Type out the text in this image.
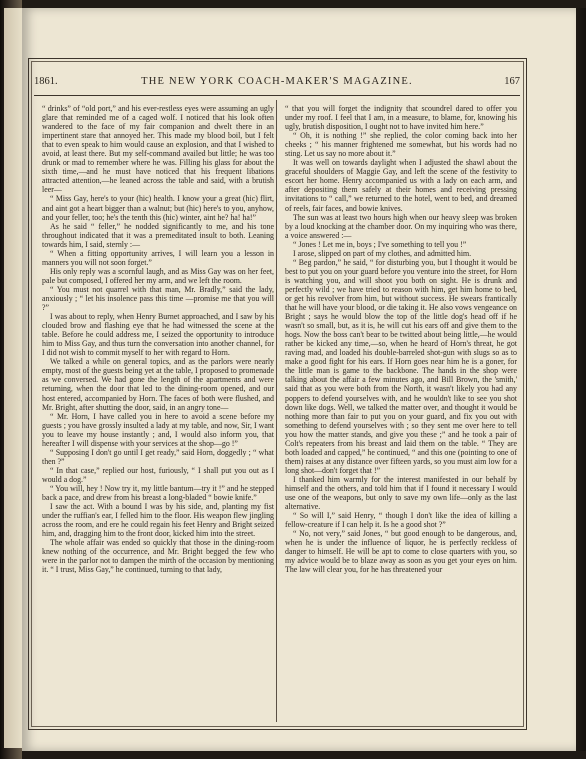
1861.	THE NEW YORK COACH-MAKER'S MAGAZINE.	167

“ drinks” of “old port,” and his ever-restless eyes were assuming an ugly glare that reminded me of a caged wolf. I noticed that his look often wandered to the face of my fair companion and dwelt there in an impertinent stare that annoyed her. This made my blood boil, but I felt that to even speak to him would cause an explosion, and that I wished to avoid, at least there. But my self-command availed but little; he was too drunk or mad to remember where he was. Filling his glass for about the sixth time,—and he must have noticed that his frequent libations attracted attention,—he leaned across the table and said, with a brutish leer—

“ Miss Gay, here's to your (hic) health. I know your a great (hic) flirt, and aint got a heart bigger than a walnut; but (hic) here's to you, anyhow, and your feller, too; he's the tenth this (hic) winter, aint he? ha! ha!”

As he said “ feller,” he nodded significantly to me, and his tone throughout indicated that it was a premeditated insult to both. Leaning towards him, I said, sternly :—

“ When a fitting opportunity arrives, I will learn you a lesson in manners you will not soon forget.”

His only reply was a scornful laugh, and as Miss Gay was on her feet, pale but composed, I offered her my arm, and we left the room.

“ You must not quarrel with that man, Mr. Bradly,” said the lady, anxiously ; “ let his insolence pass this time —promise me that you will ?”

I was about to reply, when Henry Burnet approached, and I saw by his clouded brow and flashing eye that he had witnessed the scene at the table. Before he could address me, I seized the opportunity to introduce him to Miss Gay, and thus turn the conversation into another channel, for I did not wish to commit myself to her with regard to Horn.

We talked a while on general topics, and as the parlors were nearly empty, most of the guests being yet at the table, I proposed to promenade as we conversed. We had gone the length of the apartments and were returning, when the door that led to the dining-room opened, and our host entered, accompanied by Horn. The faces of both were flushed, and Mr. Bright, after shutting the door, said, in an angry tone—

“ Mr. Horn, I have called you in here to avoid a scene before my guests ; you have grossly insulted a lady at my table, and now, Sir, I want you to leave my house instantly ; and, I would also inform you, that hereafter I will dispense with your services at the shop—go !”

“ Supposing I don't go until I get ready,” said Horn, doggedly ; “ what then ?”

“ In that case,” replied our host, furiously, “ I shall put you out as I would a dog.”

“ You will, hey ! Now try it, my little bantum—try it !” and he stepped back a pace, and drew from his breast a long-bladed “ bowie knife.”

I saw the act. With a bound I was by his side, and, planting my fist under the ruffian's ear, I felled him to the floor. His weapon flew jingling across the room, and ere he could regain his feet Henry and Bright seized him, and, dragging him to the front door, kicked him into the street.

The whole affair was ended so quickly that those in the dining-room knew nothing of the occurrence, and Mr. Bright begged the few who were in the parlor not to dampen the mirth of the occasion by mentioning it. “ I trust, Miss Gay,” he continued, turning to that lady,

“ that you will forget the indignity that scoundrel dared to offer you under my roof. I feel that I am, in a measure, to blame, for, knowing his ugly, brutish disposition, I ought not to have invited him here.”

“ Oh, it is nothing !” she replied, the color coming back into her cheeks ; “ his manner frightened me somewhat, but his words had no sting. Let us say no more about it.”

It was well on towards daylight when I adjusted the shawl about the graceful shoulders of Maggie Gay, and left the scene of the festivity to escort her home. Henry accompanied us with a lady on each arm, and after depositing them safely at their homes and receiving pressing invitations to “ call,” we returned to the hotel, went to bed, and dreamed of reels, fair faces, and bowie knives.

The sun was at least two hours high when our heavy sleep was broken by a loud knocking at the chamber door. On my inquiring who was there, a voice answered :—

“ Jones ! Let me in, boys ; I've something to tell you !”

I arose, slipped on part of my clothes, and admitted him.

“ Beg pardon,” he said, “ for disturbing you, but I thought it would be best to put you on your guard before you venture into the street, for Horn is watching you, and will shoot you both on sight. He is drunk and perfectly wild ; we have tried to reason with him, get him home to bed, or get his revolver from him, but without success. He swears frantically that he will have your blood, or die taking it. He also vows vengeance on Bright ; says he would blow the top of the little dog's head off if he wasn't so small, but, as it is, he will cut his ears off and give them to the hogs. Now the boss can't bear to be twitted about being little,—he would rather be kicked any time,—so, when he heard of Horn's threat, he got raving mad, and loaded his double-barreled shot-gun with slugs so as to make a good fight for his ears. If Horn goes near him he is a goner, for the little man is game to the backbone. The hands in the shop were talking about the affair a few minutes ago, and Bill Brown, the 'smith,' said that as you were both from the North, it wasn't likely you had any poppers to defend yourselves with, and he wouldn't like to see you shot down like dogs. Well, we talked the matter over, and thought it would be nothing more than fair to put you on your guard, and fix you out with something to defend yourselves with ; so they sent me over here to tell you how the matter stands, and give you these ;” and he took a pair of Colt's repeaters from his breast and laid them on the table. “ They are both loaded and capped,” he continued, “ and this one (pointing to one of them) raises at any distance over fifteen yards, so you must aim low for a long shot—don't forget that !”

I thanked him warmly for the interest manifested in our behalf by himself and the others, and told him that if I found it necessary I would use one of the weapons, but only to save my own life—only as the last alternative.

“ So will I,” said Henry, “ though I don't like the idea of killing a fellow-creature if I can help it. Is he a good shot ?”

“ No, not very,” said Jones, “ but good enough to be dangerous, and, when he is under the influence of liquor, he is perfectly reckless of danger to himself. He will be apt to come to close quarters with you, so my advice would be to blaze away as soon as you get your eyes on him. The law will clear you, for he has threatened your
